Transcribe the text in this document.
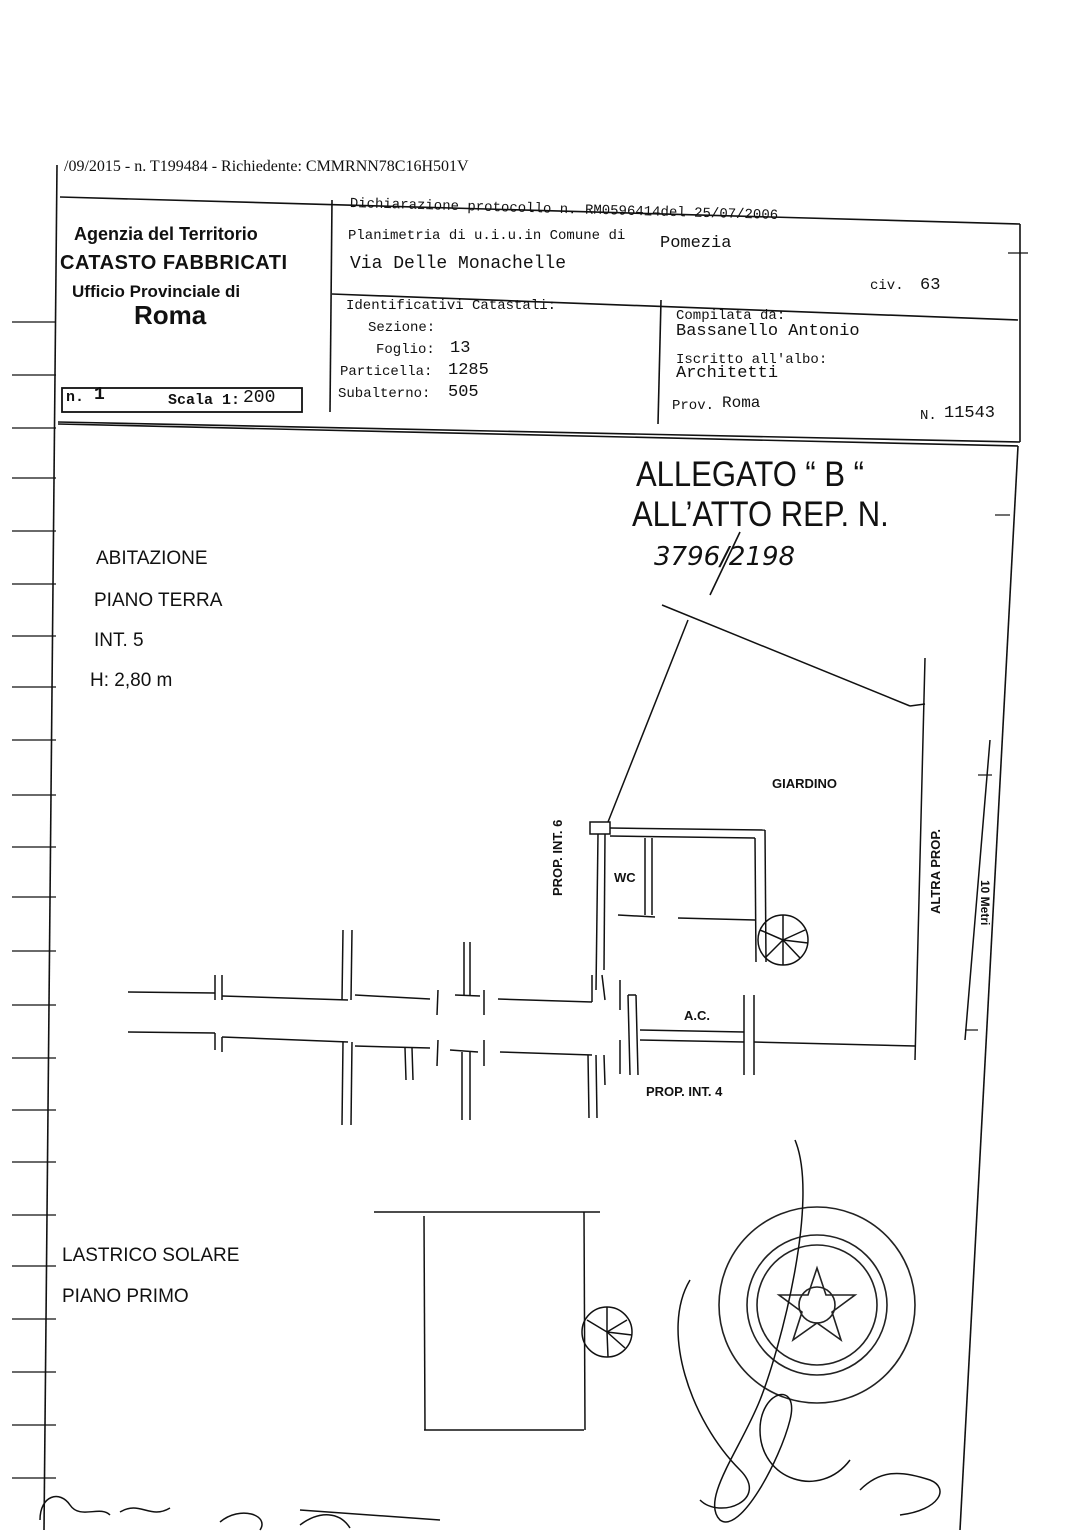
/09/2015 - n. T199484 - Richiedente: CMMRNN78C16H501V
Agenzia del Territorio
CATASTO FABBRICATI
Ufficio Provinciale di
Roma
n. 1	Scala 1: 200
Dichiarazione protocollo n. RM0596414del 25/07/2006
Planimetria di u.i.u.in Comune di Pomezia
Via Delle Monachelle
civ. 63
Identificativi Catastali:
Sezione:
Foglio: 13
Particella: 1285
Subalterno: 505
Compilata da:
Bassanello Antonio
Iscritto all'albo:
Architetti
Prov. Roma
N. 11543
ALLEGATO “ B “
ALL’ATTO REP. N.
3796/2198
ABITAZIONE
PIANO TERRA
INT. 5
H: 2,80 m
LASTRICO SOLARE
PIANO PRIMO
GIARDINO
WC
A.C.
PROP. INT. 6
PROP. INT. 4
ALTRA PROP.	10 Metri
